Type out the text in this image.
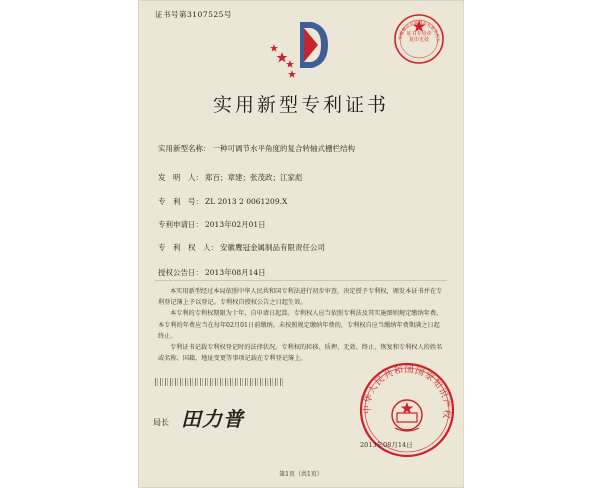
证书号第3107525号
安徽鹰冠金属制品有限责任公
证书专用章
复印无效
实用新型专利证书
实用新型名称： 一种可调节水平角度的复合转轴式栅栏结构
发　明　人： 郑百；章建；张茂政；江家彪
专　利　号： ZL 2013 2 0061209.X
专利申请日： 2013年02月01日
专　利　权　人： 安徽鹰冠金属制品有限责任公司
授权公告日： 2013年08月14日

本实用新型经过本局依照中华人民共和国专利法进行初步审查，决定授予专利权，颁发本证书并在专利登记簿上予以登记。专利权自授权公告之日起生效。

本专利的专利权期限为十年，自申请日起算。专利权人应当依照专利法及其实施细则规定缴纳年费。本专利的年费应当在每年02月01日前缴纳。未按照规定缴纳年费的，专利权自应当缴纳年费期满之日起终止。

专利证书记载专利权登记时的法律状况。专利权的转移、质押、无效、终止、恢复和专利权人的姓名或名称、国籍、地址变更等事项记载在专利登记簿上。

局长 田力普	中华人民共和国国家知识产权
2013年08月14日
第1页（共1页）
